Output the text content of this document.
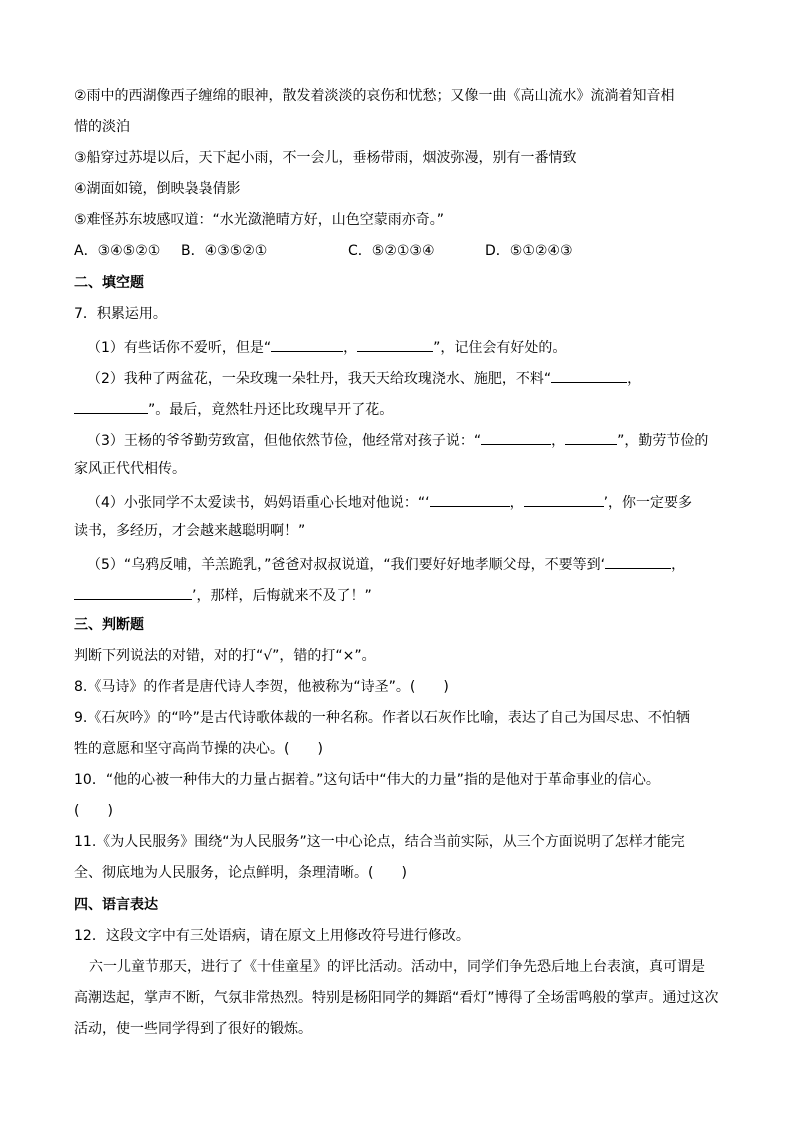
②雨中的西湖像西子缠绵的眼神，散发着淡淡的哀伤和忧愁；又像一曲《高山流水》流淌着知音相
惜的淡泊
③船穿过苏堤以后，天下起小雨，不一会儿，垂杨带雨，烟波弥漫，别有一番情致
④湖面如镜，倒映袅袅倩影
⑤难怪苏东坡感叹道：“水光潋滟晴方好，山色空蒙雨亦奇。”
A．③④⑤②① B．④③⑤②①	C．⑤②①③④	D．⑤①②④③
二、填空题
7．积累运用。
（1）有些话你不爱听，但是“	，	”，记住会有好处的。
（2）我种了两盆花，一朵玫瑰一朵牡丹，我天天给玫瑰浇水、施肥，不料“	，
”。最后，竟然牡丹还比玫瑰早开了花。
（3）王杨的爷爷勤劳致富，但他依然节俭，他经常对孩子说：“	，	”，勤劳节俭的
家风正代代相传。
（4）小张同学不太爱读书，妈妈语重心长地对他说：“‘	，	’，你一定要多
读书，多经历，才会越来越聪明啊！”
（5）“乌鸦反哺，羊羔跪乳，”爸爸对叔叔说道，“我们要好好地孝顺父母，不要等到‘	，
’，那样，后悔就来不及了！”
三、判断题
判断下列说法的对错，对的打“√”，错的打“×”。
8.《马诗》的作者是唐代诗人李贺，他被称为“诗圣”。(　　)
9.《石灰吟》的“吟”是古代诗歌体裁的一种名称。作者以石灰作比喻，表达了自己为国尽忠、不怕牺
牲的意愿和坚守高尚节操的决心。(　　)
10．“他的心被一种伟大的力量占据着。”这句话中“伟大的力量”指的是他对于革命事业的信心。
(　　)
11.《为人民服务》围绕“为人民服务”这一中心论点，结合当前实际，从三个方面说明了怎样才能完
全、彻底地为人民服务，论点鲜明，条理清晰。(　　)
四、语言表达
12．这段文字中有三处语病，请在原文上用修改符号进行修改。
六一儿童节那天，进行了《十佳童星》的评比活动。活动中，同学们争先恐后地上台表演，真可谓是
高潮迭起，掌声不断，气氛非常热烈。特别是杨阳同学的舞蹈“看灯”博得了全场雷鸣般的掌声。通过这次
活动，使一些同学得到了很好的锻炼。
